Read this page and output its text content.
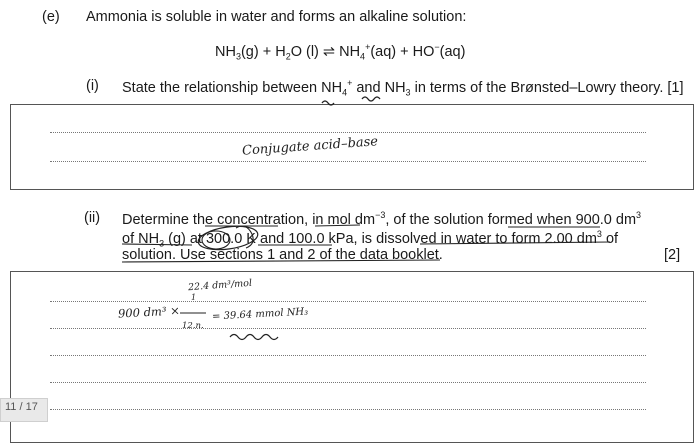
(e) Ammonia is soluble in water and forms an alkaline solution:
$NH_3(g) + H_2O$ (l) ⇌ $NH_4^+(aq) + HO^-(aq)$
(i) State the relationship between $NH_4^+$ and $NH_3$ in terms of the Brønsted–Lowry theory. [1]
Conjugate acid–base
(ii) Determine the concentration, in mol $dm^{-3}$, of the solution formed when 900.0 $dm^3$
of $NH_3$ (g) at 300.0 K and 100.0 kPa, is dissolved in water to form 2.00 $dm^3$ of
solution. Use sections 1 and 2 of the data booklet.	[2]
22.4 dm³/mol
1
900 dm³ ×
12.n.
= 39.64 mmol NH₃
11 / 17
